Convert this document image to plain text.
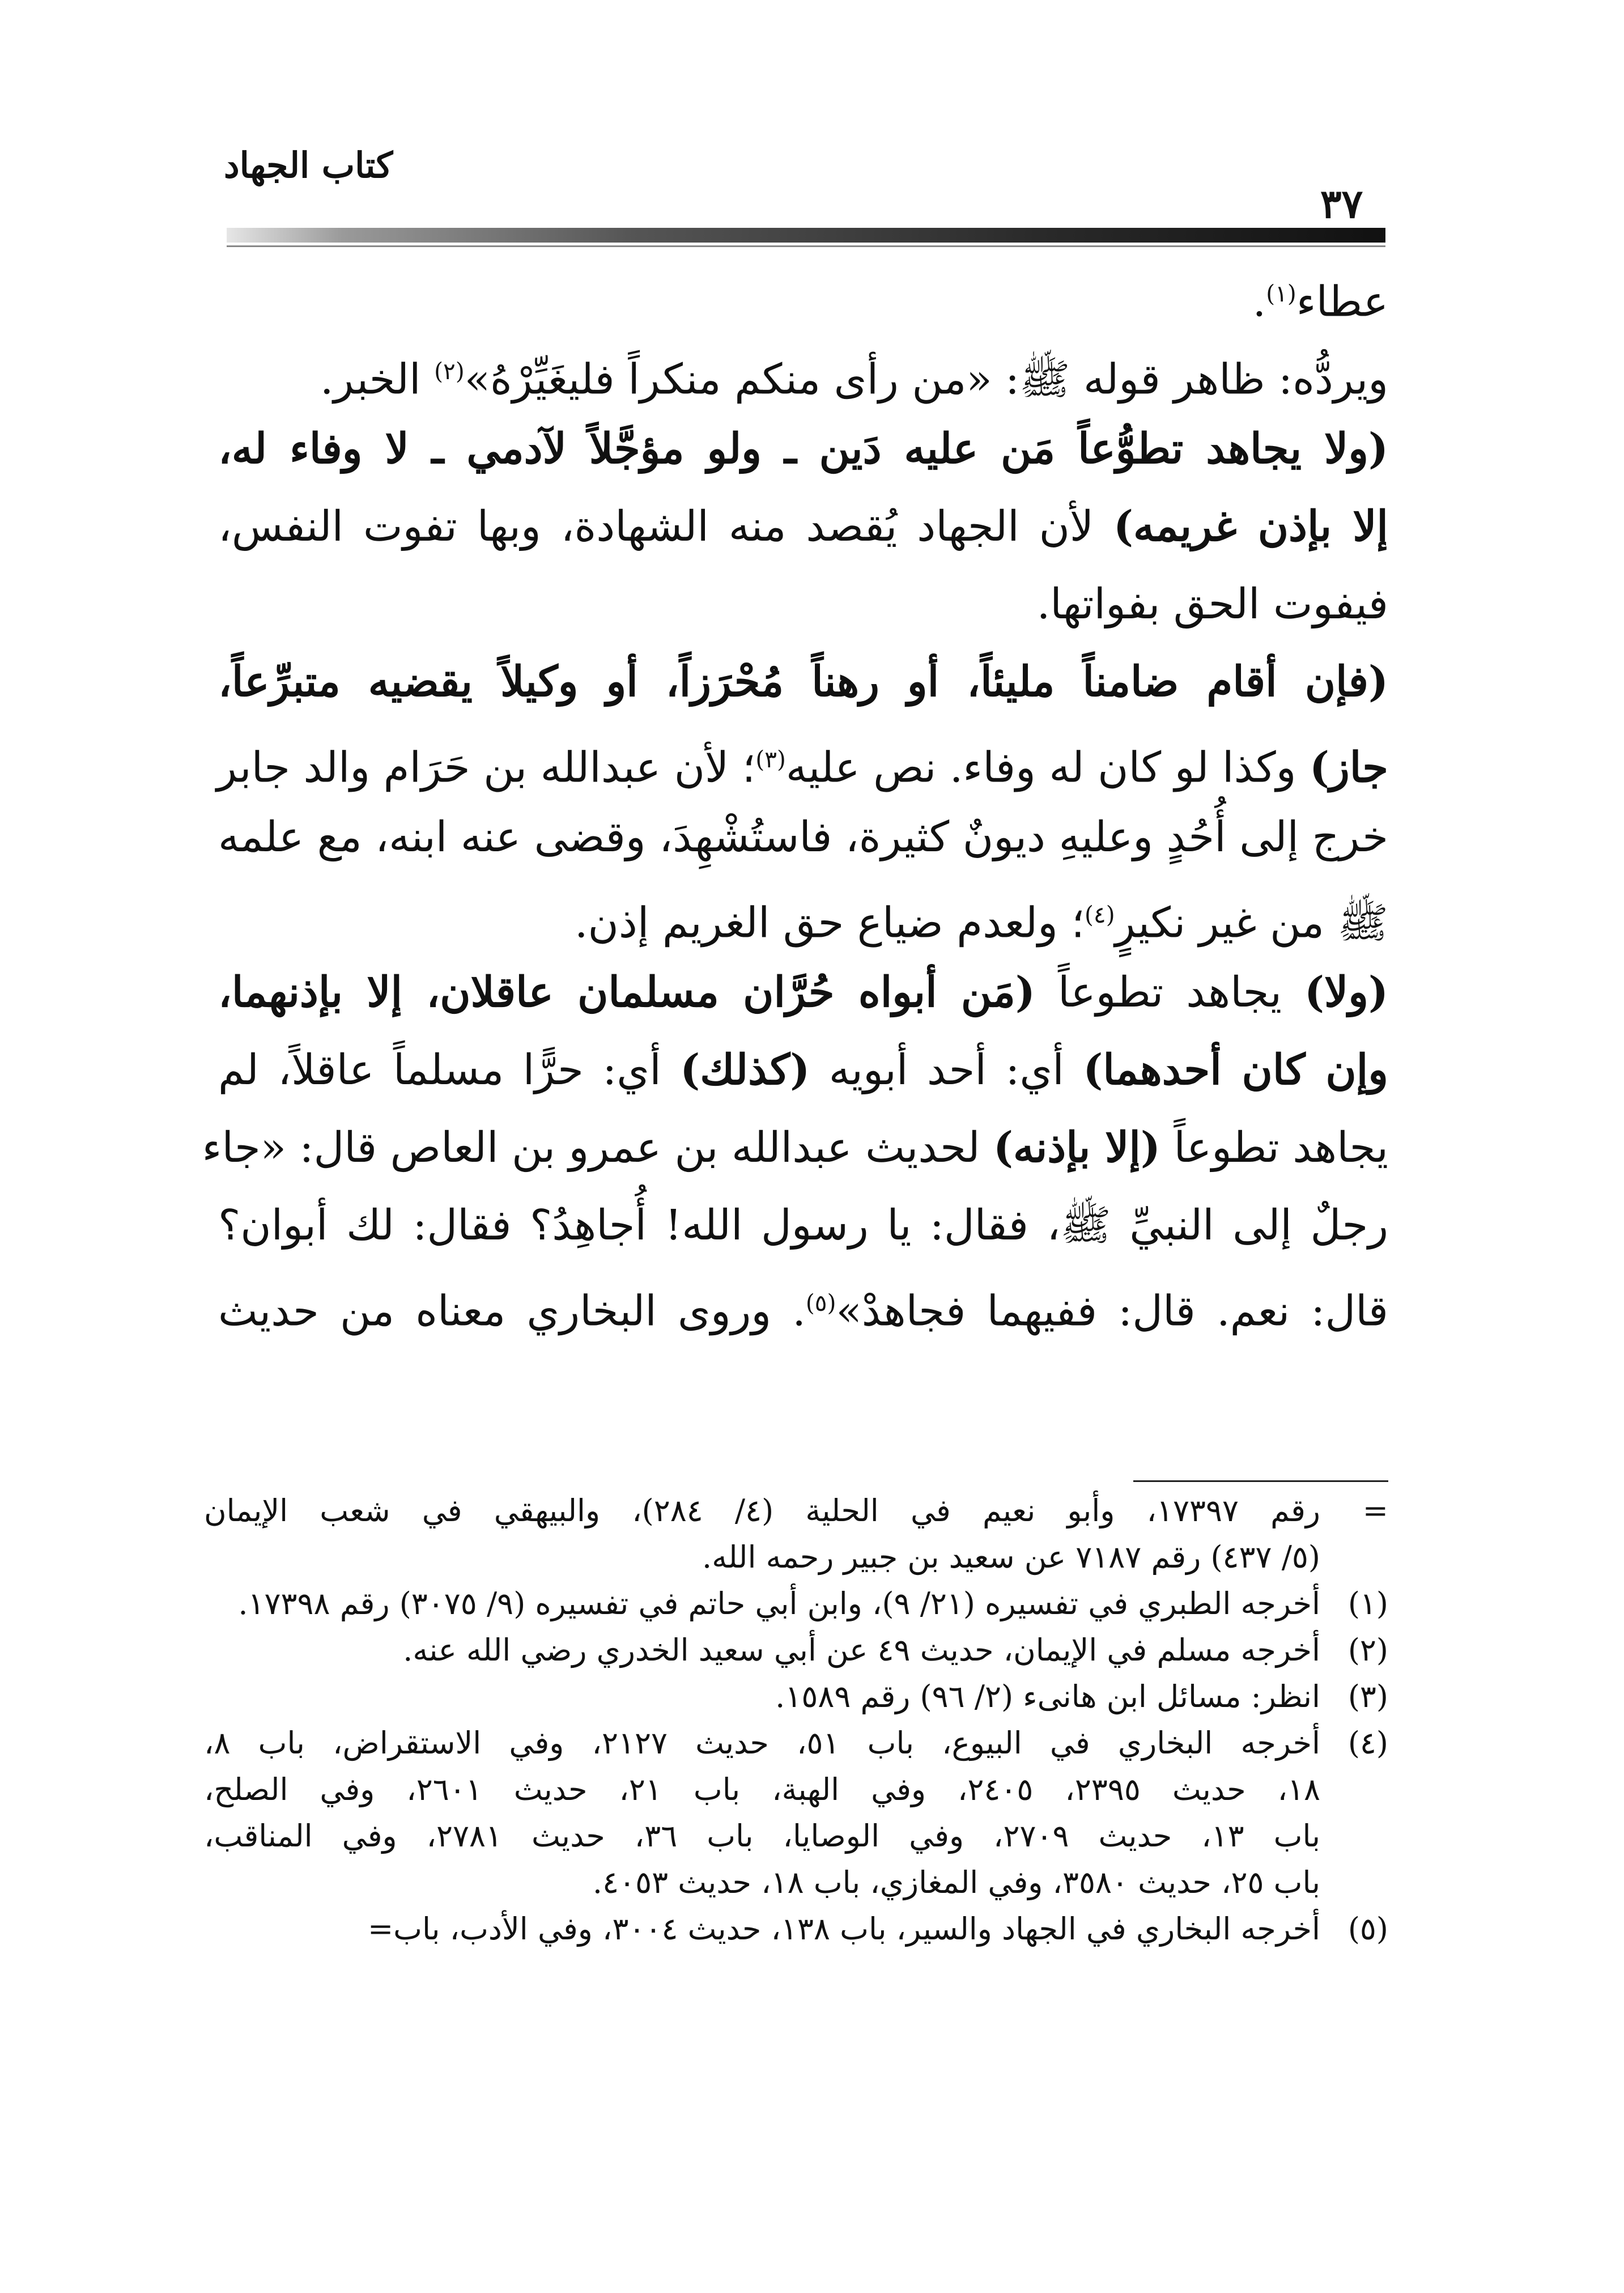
كتاب الجهاد
٣٧
عطاء$^{(١)}$.
ويردُّه: ظاهر قوله ﷺ: «من رأى منكم منكراً فليغَيِّرْهُ»$^{(٢)}$ الخبر.
(ولا يجاهد تطوُّعاً مَن عليه دَين ـ ولو مؤجَّلاً لآدمي ـ لا وفاء له،
إلا بإذن غريمه) لأن الجهاد يُقصد منه الشهادة، وبها تفوت النفس،
فيفوت الحق بفواتها.
(فإن أقام ضامناً مليئاً، أو رهناً مُحْرَزاً، أو وكيلاً يقضيه متبرِّعاً،
جاز) وكذا لو كان له وفاء. نص عليه$^{(٣)}$؛ لأن عبدالله بن حَرَام والد جابر
خرج إلى أُحُدٍ وعليهِ ديونٌ كثيرة، فاستُشْهِدَ، وقضى عنه ابنه، مع علمه
ﷺ من غير نكيرٍ$^{(٤)}$؛ ولعدم ضياع حق الغريم إذن.
(ولا) يجاهد تطوعاً (مَن أبواه حُرَّان مسلمان عاقلان، إلا بإذنهما،
وإن كان أحدهما) أي: أحد أبويه (كذلك) أي: حرًّا مسلماً عاقلاً، لم
يجاهد تطوعاً (إلا بإذنه) لحديث عبدالله بن عمرو بن العاص قال: «جاء
رجلٌ إلى النبيِّ ﷺ، فقال: يا رسول الله! أُجاهِدُ؟ فقال: لك أبوان؟
قال: نعم. قال: ففيهما فجاهدْ»$^{(٥)}$. وروى البخاري معناه من حديث
=
رقم ١٧٣٩٧، وأبو نعيم في الحلية (٤/ ٢٨٤)، والبيهقي في شعب الإيمان
(٥/ ٤٣٧) رقم ٧١٨٧ عن سعيد بن جبير رحمه الله.
(١)
أخرجه الطبري في تفسيره (٢١/ ٩)، وابن أبي حاتم في تفسيره (٩/ ٣٠٧٥) رقم ١٧٣٩٨.
(٢)
أخرجه مسلم في الإيمان، حديث ٤٩ عن أبي سعيد الخدري رضي الله عنه.
(٣)
انظر: مسائل ابن هانىء (٢/ ٩٦) رقم ١٥٨٩.
(٤)
أخرجه البخاري في البيوع، باب ٥١، حديث ٢١٢٧، وفي الاستقراض، باب ٨،
١٨، حديث ٢٣٩٥، ٢٤٠٥، وفي الهبة، باب ٢١، حديث ٢٦٠١، وفي الصلح،
باب ١٣، حديث ٢٧٠٩، وفي الوصايا، باب ٣٦، حديث ٢٧٨١، وفي المناقب،
باب ٢٥، حديث ٣٥٨٠، وفي المغازي، باب ١٨، حديث ٤٠٥٣.
(٥)
أخرجه البخاري في الجهاد والسير، باب ١٣٨، حديث ٣٠٠٤، وفي الأدب، باب=
